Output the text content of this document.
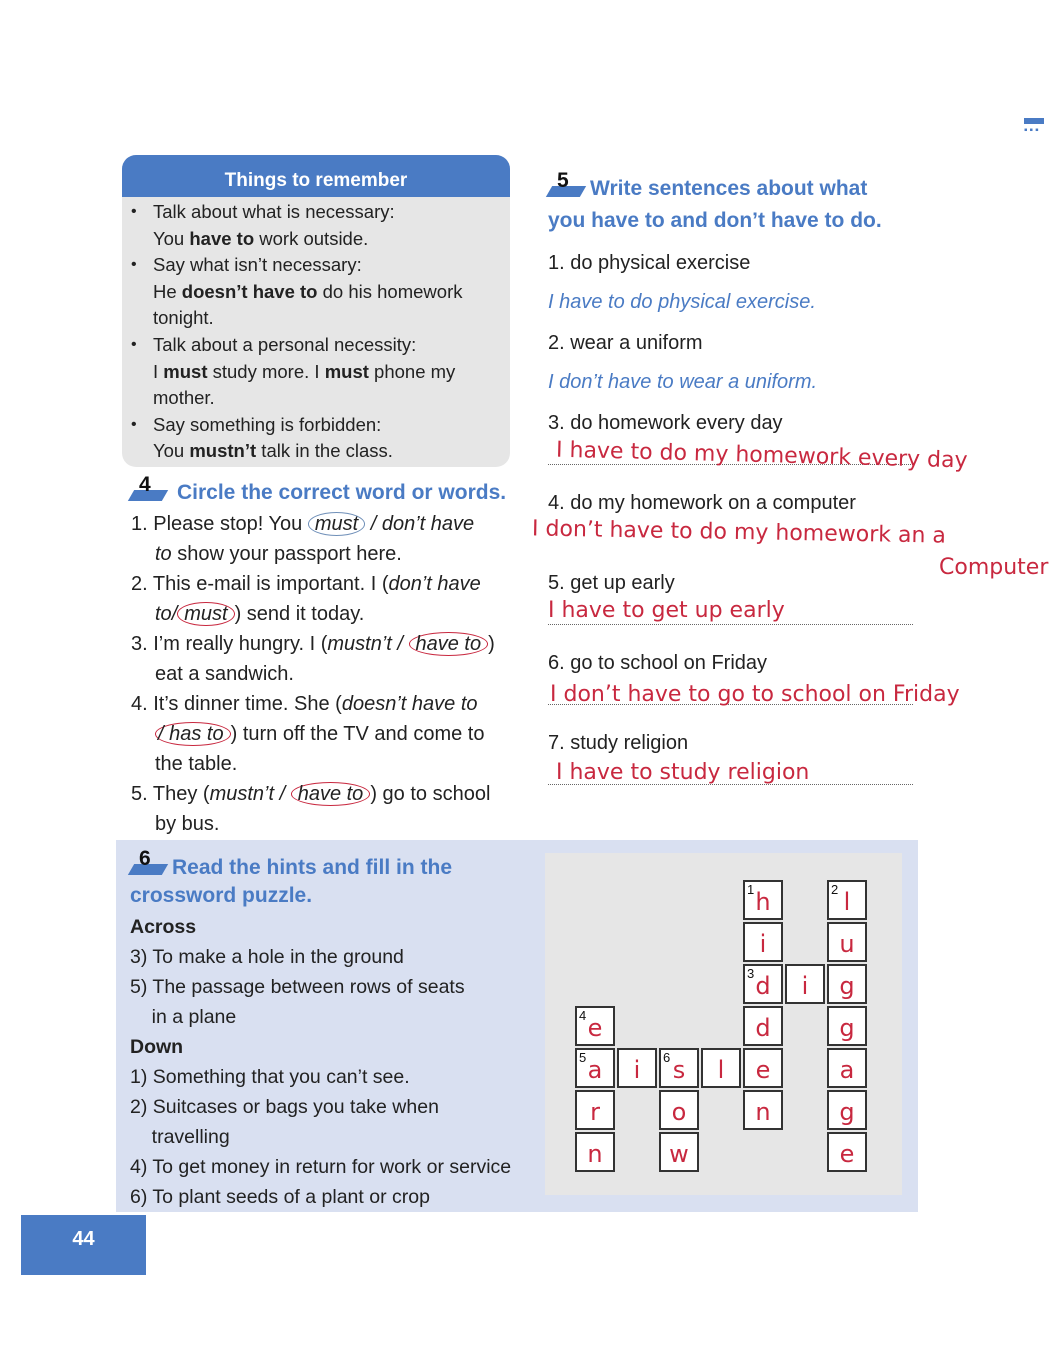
▪▪▪
Things to remember
• Talk about what is necessary:
You have to work outside.
• Say what isn’t necessary:
He doesn’t have to do his homework
tonight.
• Talk about a personal necessity:
I must study more. I must phone my
mother.
• Say something is forbidden:
You mustn’t talk in the class.
4 Circle the correct word or words.
1. Please stop! You must / don’t have
to show your passport here.
2. This e-mail is important. I (don’t have
to/ must ) send it today.
3. I’m really hungry. I (mustn’t / have to )
eat a sandwich.
4. It’s dinner time. She (doesn’t have to
/ has to ) turn off the TV and come to
the table.
5. They (mustn’t / have to ) go to school
by bus.
5 Write sentences about what
you have to and don’t have to do.
1. do physical exercise
I have to do physical exercise.
2. wear a uniform
I don’t have to wear a uniform.
3. do homework every day
I have to do my homework every day
4. do my homework on a computer
I don’t have to do my homework an a
Computer
5. get up early
I have to get up early
6. go to school on Friday
I don’t have to go to school on Friday
7. study religion
I have to study religion
6 Read the hints and fill in the
crossword puzzle.
Across
3) To make a hole in the ground
5) The passage between rows of seats
in a plane
Down
1) Something that you can’t see.
2) Suitcases or bags you take when
travelling
4) To get money in return for work or service
6) To plant seeds of a plant or crop
1 h
i
3 d
d
e
n
2 l
u
g
g
a
g
e
i
4 e
5 a
r
n
i	6 s
o
w
l
44
